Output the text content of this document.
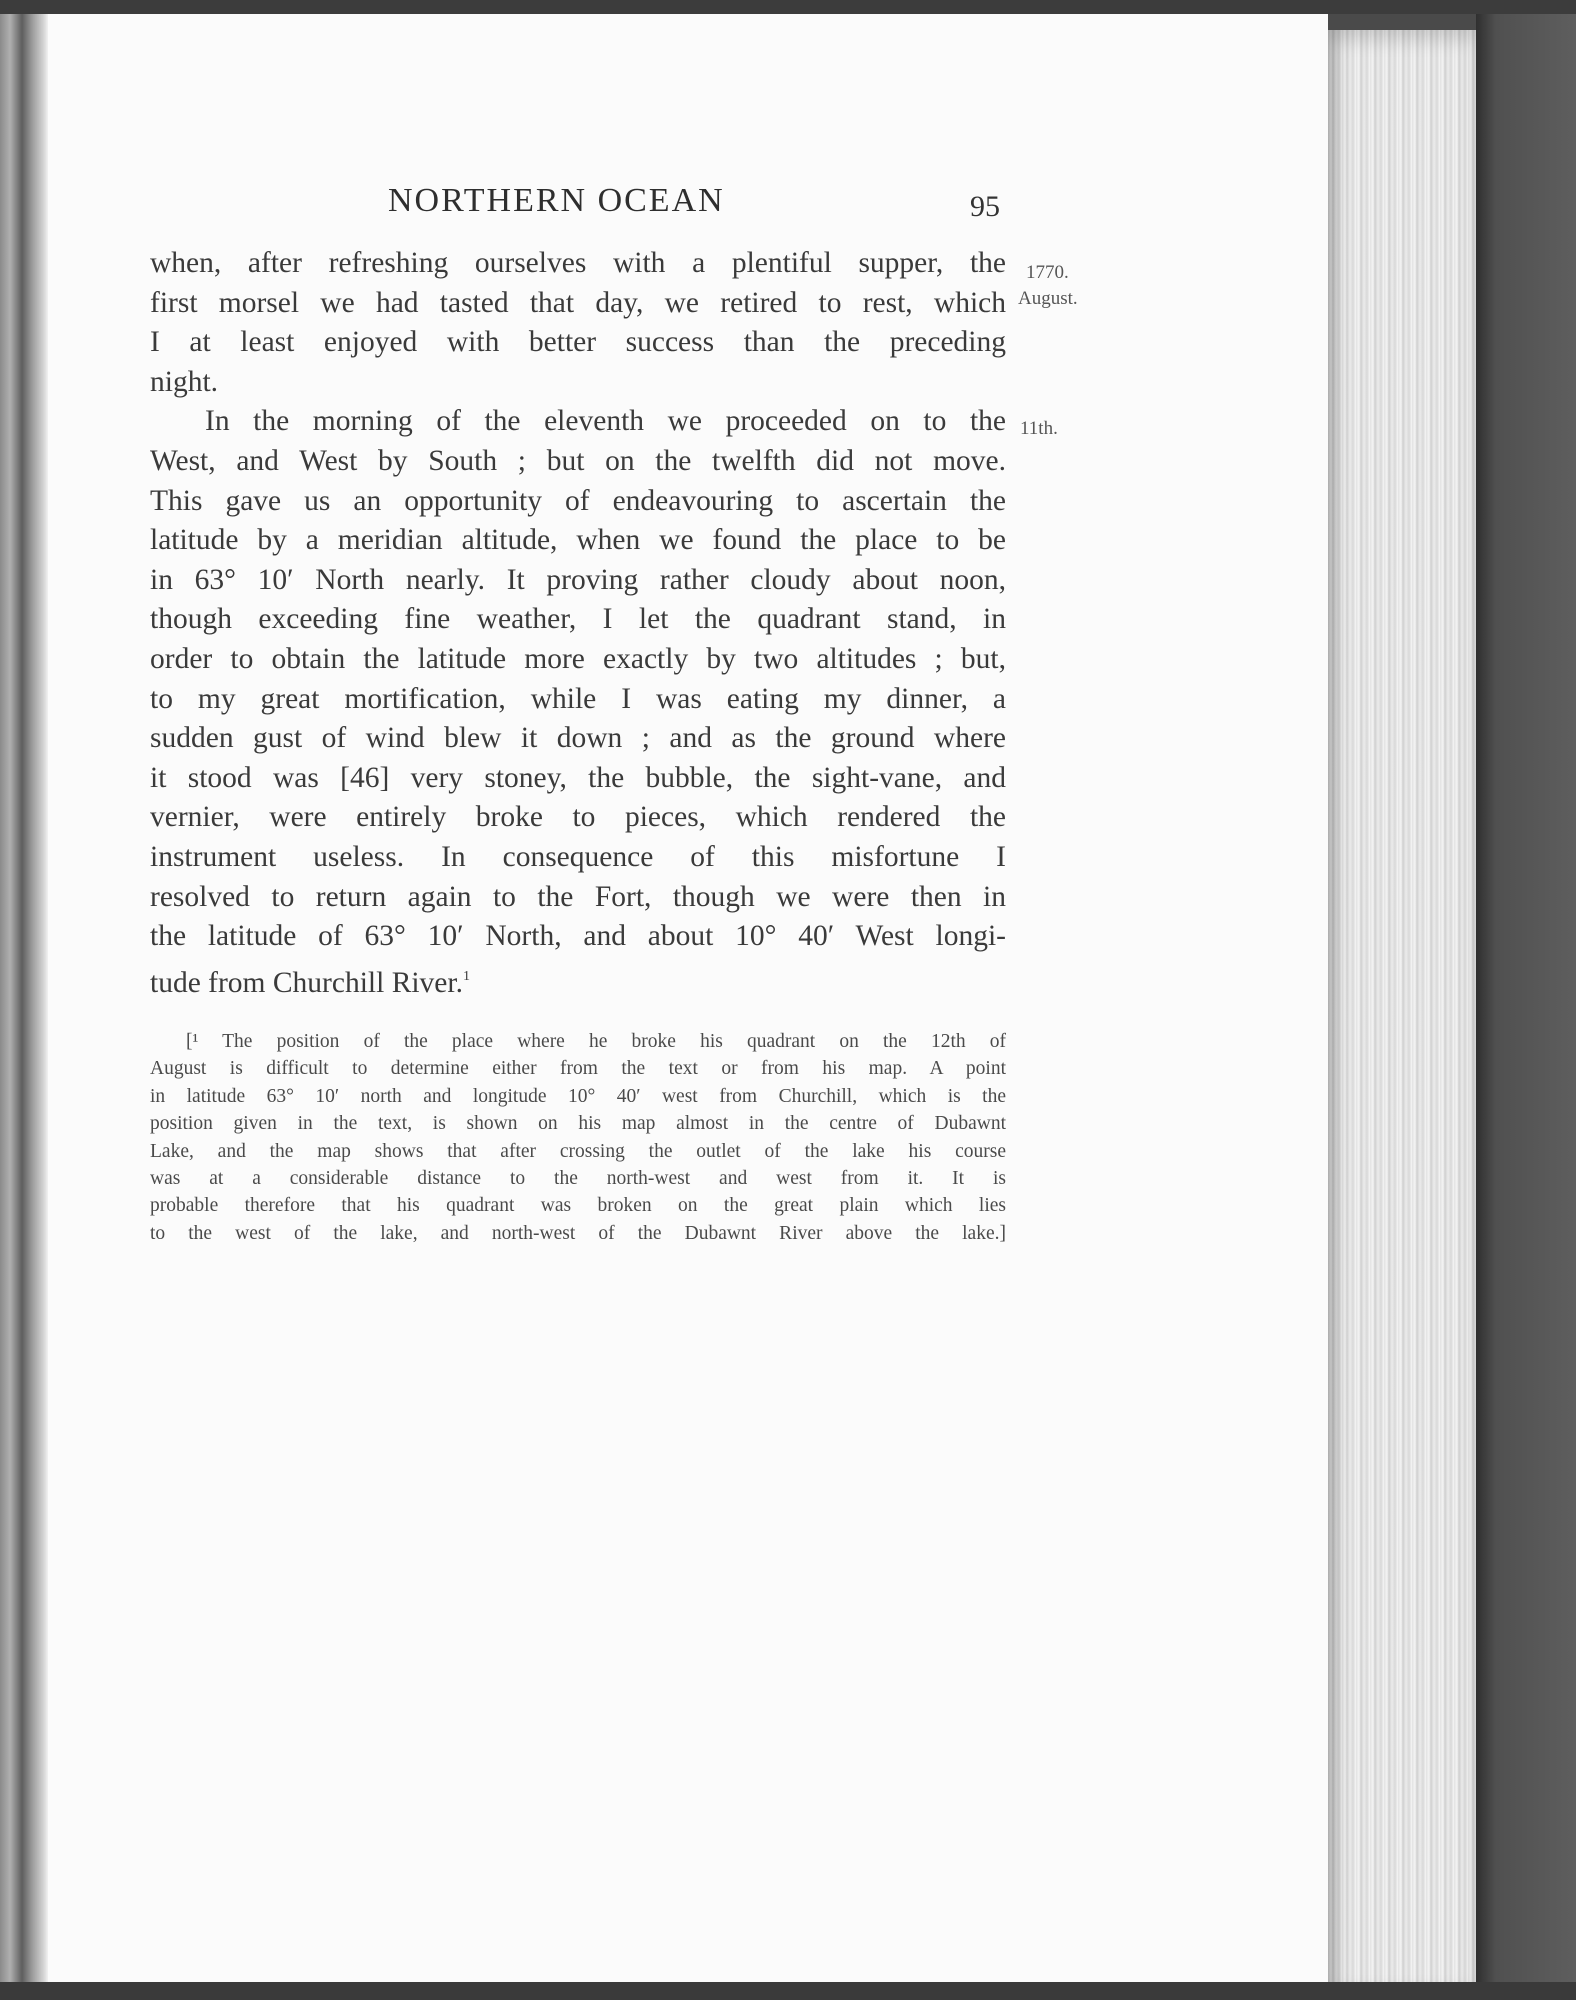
NORTHERN OCEAN	95
1770.
August.
11th.

when, after refreshing ourselves with a plentiful supper, the
first morsel we had tasted that day, we retired to rest, which
I at least enjoyed with better success than the preceding
night.

In the morning of the eleventh we proceeded on to the
West, and West by South ; but on the twelfth did not move.
This gave us an opportunity of endeavouring to ascertain the
latitude by a meridian altitude, when we found the place to be
in 63° 10′ North nearly. It proving rather cloudy about noon,
though exceeding fine weather, I let the quadrant stand, in
order to obtain the latitude more exactly by two altitudes ; but,
to my great mortification, while I was eating my dinner, a
sudden gust of wind blew it down ; and as the ground where
it stood was [46] very stoney, the bubble, the sight-vane, and
vernier, were entirely broke to pieces, which rendered the
instrument useless. In consequence of this misfortune I
resolved to return again to the Fort, though we were then in
the latitude of 63° 10′ North, and about 10° 40′ West longi-
tude from Churchill River.$^1$

[¹ The position of the place where he broke his quadrant on the 12th of
August is difficult to determine either from the text or from his map. A point
in latitude 63° 10′ north and longitude 10° 40′ west from Churchill, which is the
position given in the text, is shown on his map almost in the centre of Dubawnt
Lake, and the map shows that after crossing the outlet of the lake his course
was at a considerable distance to the north-west and west from it. It is
probable therefore that his quadrant was broken on the great plain which lies
to the west of the lake, and north-west of the Dubawnt River above the lake.]
